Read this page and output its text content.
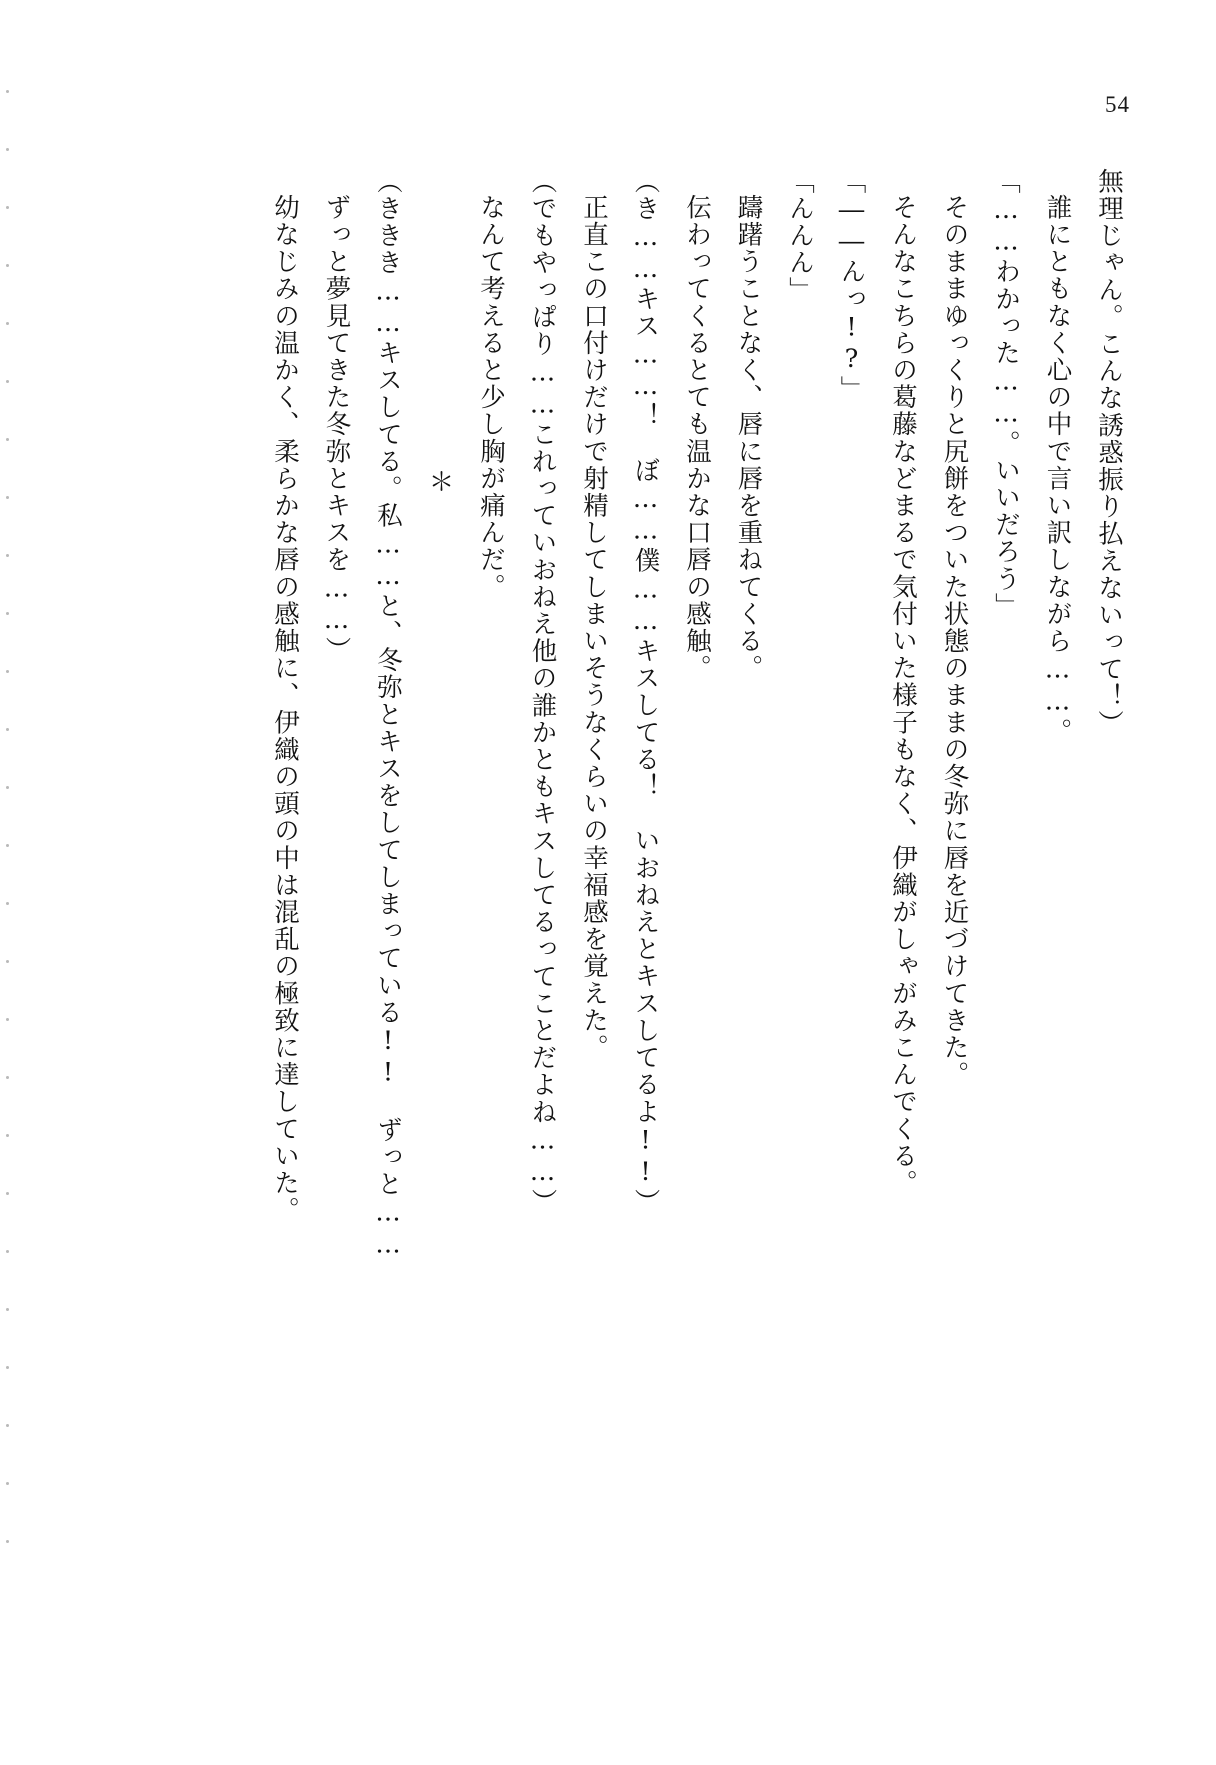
54

無理じゃん。こんな誘惑振り払えないって！）

誰にともなく心の中で言い訳しながら……。

「……わかった……。いいだろう」

そのままゆっくりと尻餅をついた状態のままの冬弥に唇を近づけてきた。

そんなこちらの葛藤などまるで気付いた様子もなく、伊織がしゃがみこんでくる。

「――んっ!?」

「んんん」

躊躇うことなく、唇に唇を重ねてくる。

伝わってくるとても温かな口唇の感触。

（き……キス……！　ぼ……僕……キスしてる！　いおねえとキスしてるよ!!）

正直この口付けだけで射精してしまいそうなくらいの幸福感を覚えた。

（でもやっぱり……これっていおねえ他の誰かともキスしてるってことだよね……）

なんて考えると少し胸が痛んだ。

＊

（ききき……キスしてる。私……と、冬弥とキスをしてしまっている!!　ずっと……

ずっと夢見てきた冬弥とキスを……）

幼なじみの温かく、柔らかな唇の感触に、伊織の頭の中は混乱の極致に達していた。
